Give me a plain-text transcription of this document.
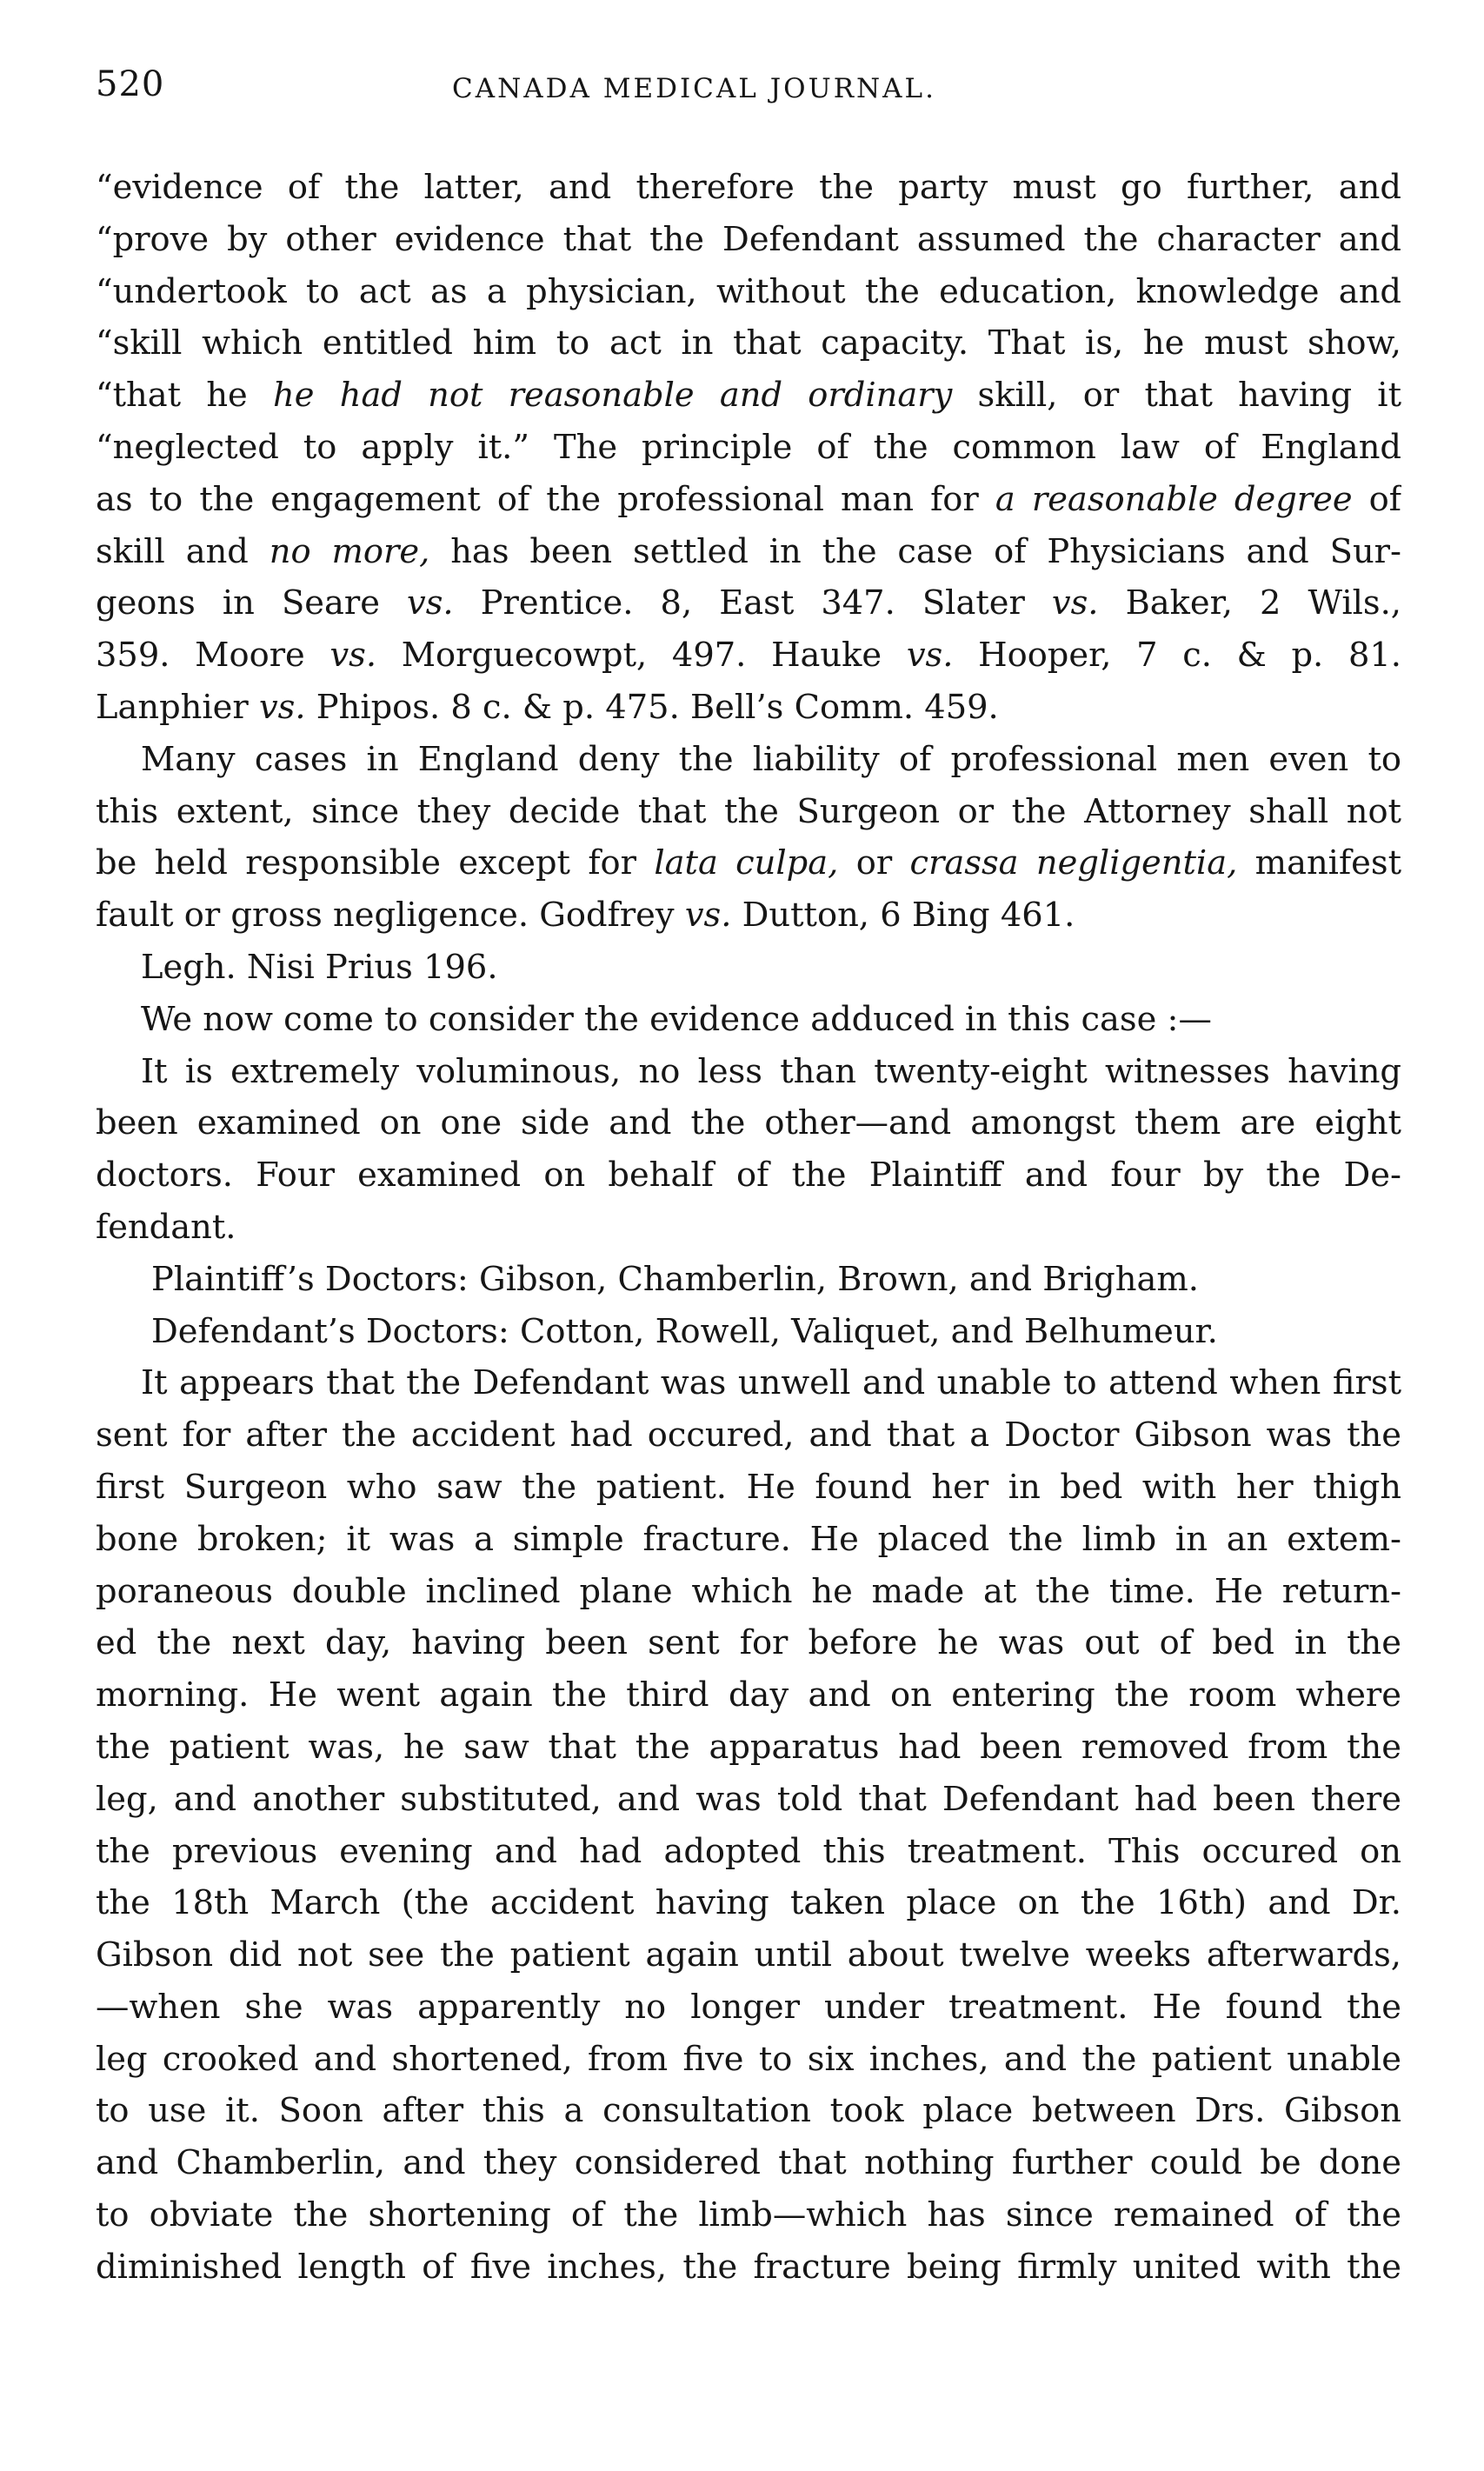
520	CANADA MEDICAL JOURNAL.
“evidence of the latter, and therefore the party must go further, and
“prove by other evidence that the Defendant assumed the character and
“undertook to act as a physician, without the education, knowledge and
“skill which entitled him to act in that capacity. That is, he must show,
“that he he had not reasonable and ordinary skill, or that having it
“neglected to apply it.” The principle of the common law of England
as to the engagement of the professional man for a reasonable degree of
skill and no more, has been settled in the case of Physicians and Sur-
geons in Seare vs. Prentice. 8, East 347. Slater vs. Baker, 2 Wils.,
359. Moore vs. Morguecowpt, 497. Hauke vs. Hooper, 7 c. & p. 81.
Lanphier vs. Phipos. 8 c. & p. 475. Bell’s Comm. 459.
Many cases in England deny the liability of professional men even to
this extent, since they decide that the Surgeon or the Attorney shall not
be held responsible except for lata culpa, or crassa negligentia, manifest
fault or gross negligence. Godfrey vs. Dutton, 6 Bing 461.
Legh. Nisi Prius 196.
We now come to consider the evidence adduced in this case :—
It is extremely voluminous, no less than twenty-eight witnesses having
been examined on one side and the other—and amongst them are eight
doctors. Four examined on behalf of the Plaintiff and four by the De-
fendant.
Plaintiff’s Doctors: Gibson, Chamberlin, Brown, and Brigham.
Defendant’s Doctors: Cotton, Rowell, Valiquet, and Belhumeur.
It appears that the Defendant was unwell and unable to attend when first
sent for after the accident had occured, and that a Doctor Gibson was the
first Surgeon who saw the patient. He found her in bed with her thigh
bone broken; it was a simple fracture. He placed the limb in an extem-
poraneous double inclined plane which he made at the time. He return-
ed the next day, having been sent for before he was out of bed in the
morning. He went again the third day and on entering the room where
the patient was, he saw that the apparatus had been removed from the
leg, and another substituted, and was told that Defendant had been there
the previous evening and had adopted this treatment. This occured on
the 18th March (the accident having taken place on the 16th) and Dr.
Gibson did not see the patient again until about twelve weeks afterwards,
—when she was apparently no longer under treatment. He found the
leg crooked and shortened, from five to six inches, and the patient unable
to use it. Soon after this a consultation took place between Drs. Gibson
and Chamberlin, and they considered that nothing further could be done
to obviate the shortening of the limb—which has since remained of the
diminished length of five inches, the fracture being firmly united with the
